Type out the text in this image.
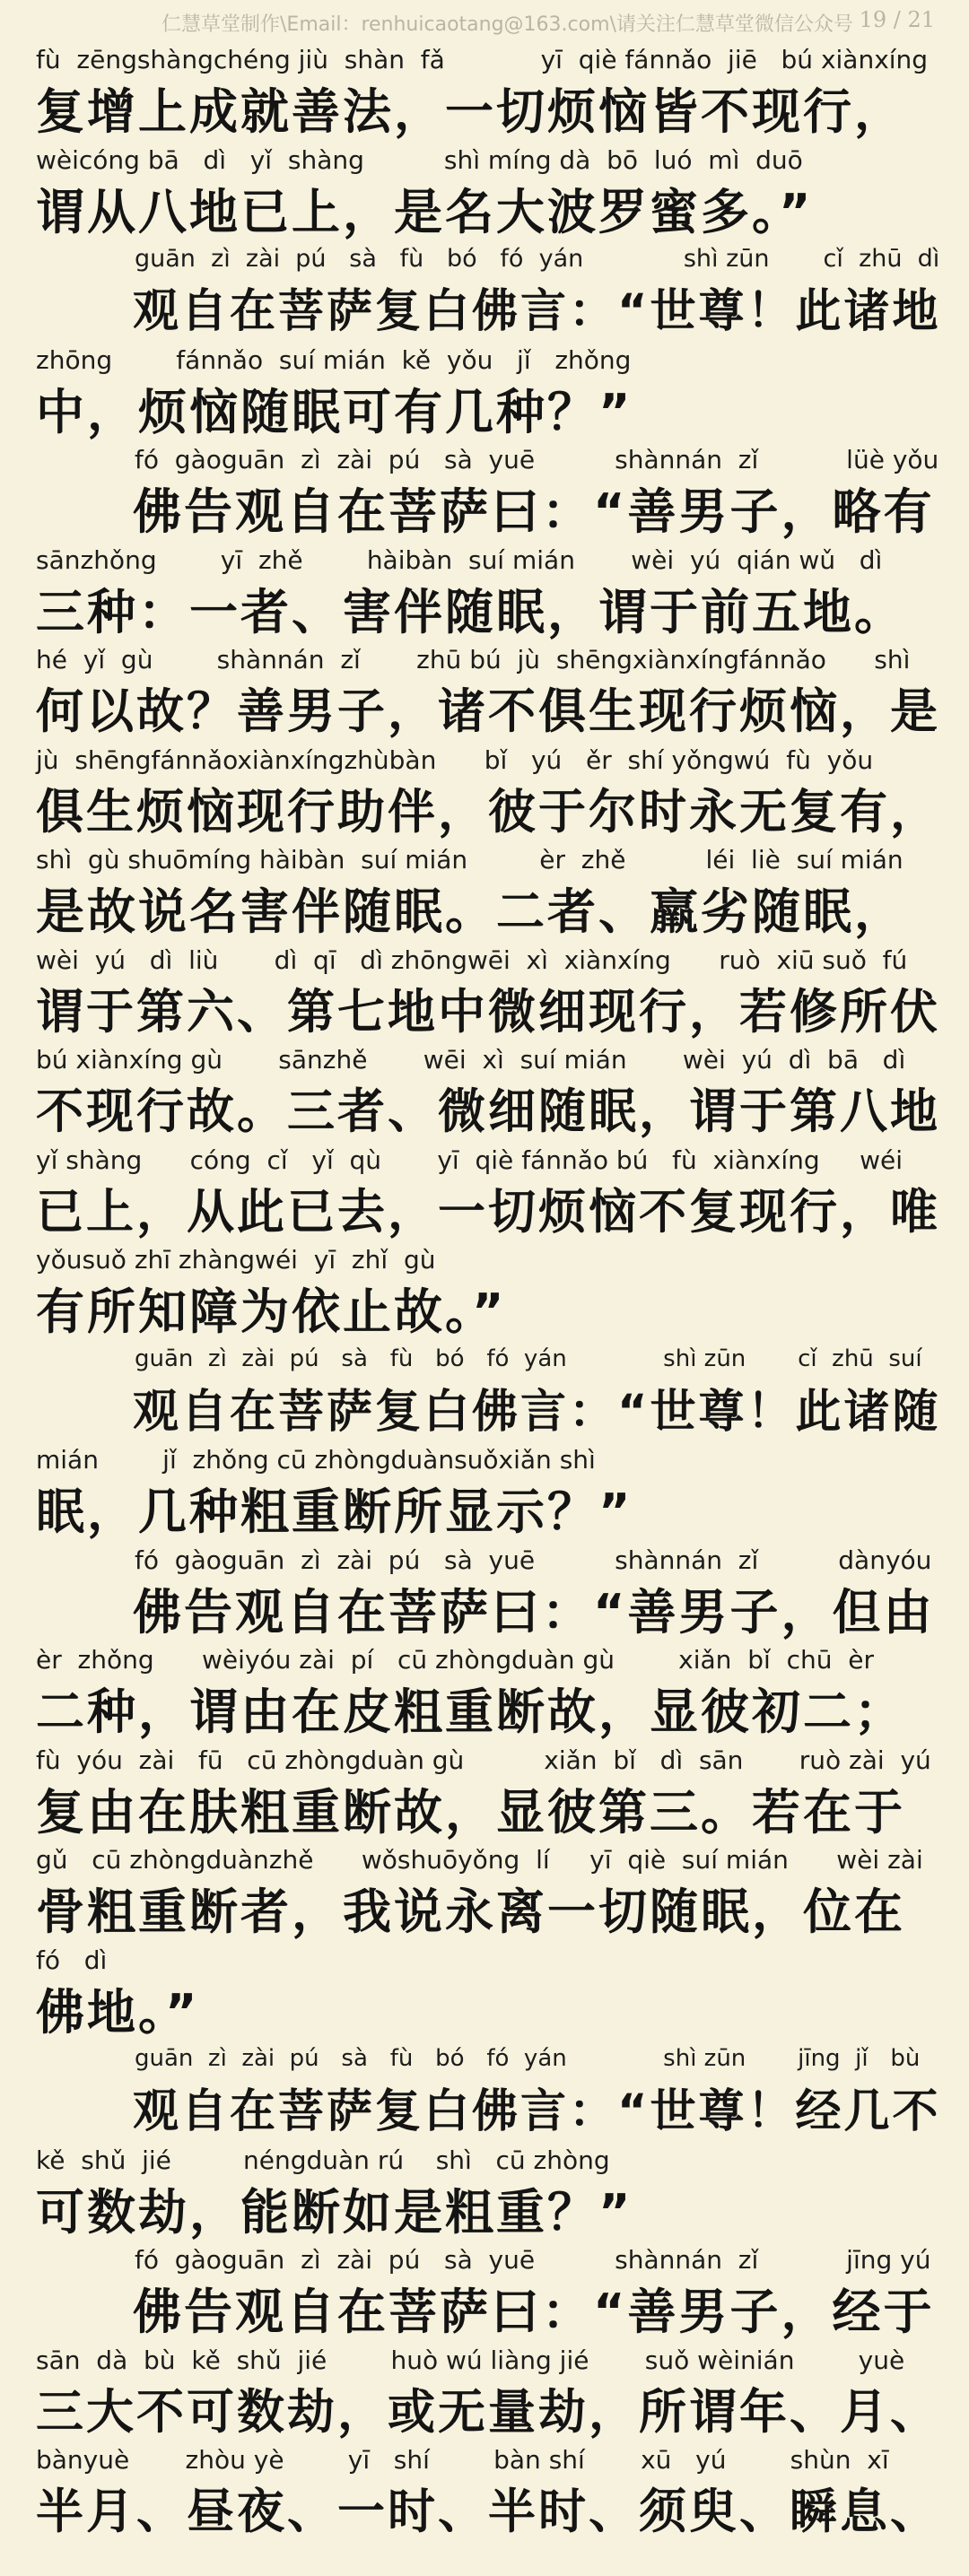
仁慧草堂制作\Email：renhuicaotang@163.com\请关注仁慧草堂微信公众号 19 / 21
fù  zēngshàngchéng jiù  shàn  fǎ            yī  qiè fánnǎo  jiē   bú xiànxíng
复增上成就善法，一切烦恼皆不现行，
wèicóng bā   dì   yǐ  shàng          shì míng dà  bō  luó  mì  duō
谓从八地已上，是名大波罗蜜多。”
guān  zì  zài  pú   sà   fù   bó   fó  yán             shì zūn       cǐ  zhū  dì
观自在菩萨复白佛言：“世尊！此诸地
zhōng        fánnǎo  suí mián  kě  yǒu   jǐ   zhǒng
中，烦恼随眠可有几种？”
fó  gàoguān  zì  zài  pú   sà  yuē          shànnán  zǐ           lüè yǒu
佛告观自在菩萨曰：“善男子，略有
sānzhǒng        yī  zhě        hàibàn  suí mián       wèi  yú  qián wǔ   dì
三种：一者、害伴随眠，谓于前五地。
hé  yǐ  gù        shànnán  zǐ       zhū bú  jù  shēngxiànxíngfánnǎo      shì
何以故？善男子，诸不俱生现行烦恼，是
jù  shēngfánnǎoxiànxíngzhùbàn      bǐ   yú   ěr  shí yǒngwú  fù  yǒu
俱生烦恼现行助伴，彼于尔时永无复有，
shì  gù shuōmíng hàibàn  suí mián         èr  zhě          léi  liè  suí mián
是故说名害伴随眠。二者、羸劣随眠，
wèi  yú   dì  liù       dì  qī   dì zhōngwēi  xì  xiànxíng      ruò  xiū suǒ  fú
谓于第六、第七地中微细现行，若修所伏
bú xiànxíng gù       sānzhě       wēi  xì  suí mián       wèi  yú  dì  bā   dì
不现行故。三者、微细随眠，谓于第八地
yǐ shàng      cóng  cǐ   yǐ  qù       yī  qiè fánnǎo bú   fù  xiànxíng     wéi
已上，从此已去，一切烦恼不复现行，唯
yǒusuǒ zhī zhàngwéi  yī  zhǐ  gù
有所知障为依止故。”
guān  zì  zài  pú   sà   fù   bó   fó  yán             shì zūn       cǐ  zhū  suí
观自在菩萨复白佛言：“世尊！此诸随
mián        jǐ  zhǒng cū zhòngduànsuǒxiǎn shì
眠，几种粗重断所显示？”
fó  gàoguān  zì  zài  pú   sà  yuē          shànnán  zǐ          dànyóu
佛告观自在菩萨曰：“善男子，但由
èr  zhǒng      wèiyóu zài  pí   cū zhòngduàn gù        xiǎn  bǐ  chū  èr
二种，谓由在皮粗重断故，显彼初二；
fù  yóu  zài   fū   cū zhòngduàn gù          xiǎn  bǐ   dì  sān       ruò zài  yú
复由在肤粗重断故，显彼第三。若在于
gǔ   cū zhòngduànzhě      wǒshuōyǒng  lí     yī  qiè  suí mián      wèi zài
骨粗重断者，我说永离一切随眠，位在
fó   dì
佛地。”
guān  zì  zài  pú   sà   fù   bó   fó  yán             shì zūn       jīng  jǐ   bù
观自在菩萨复白佛言：“世尊！经几不
kě  shǔ  jié         néngduàn rú    shì   cū zhòng
可数劫，能断如是粗重？”
fó  gàoguān  zì  zài  pú   sà  yuē          shànnán  zǐ           jīng yú
佛告观自在菩萨曰：“善男子，经于
sān  dà  bù  kě  shǔ  jié        huò wú liàng jié       suǒ wèinián        yuè
三大不可数劫，或无量劫，所谓年、月、
bànyuè       zhòu yè        yī   shí        bàn shí       xū   yú        shùn  xī
半月、昼夜、一时、半时、须臾、瞬息、
